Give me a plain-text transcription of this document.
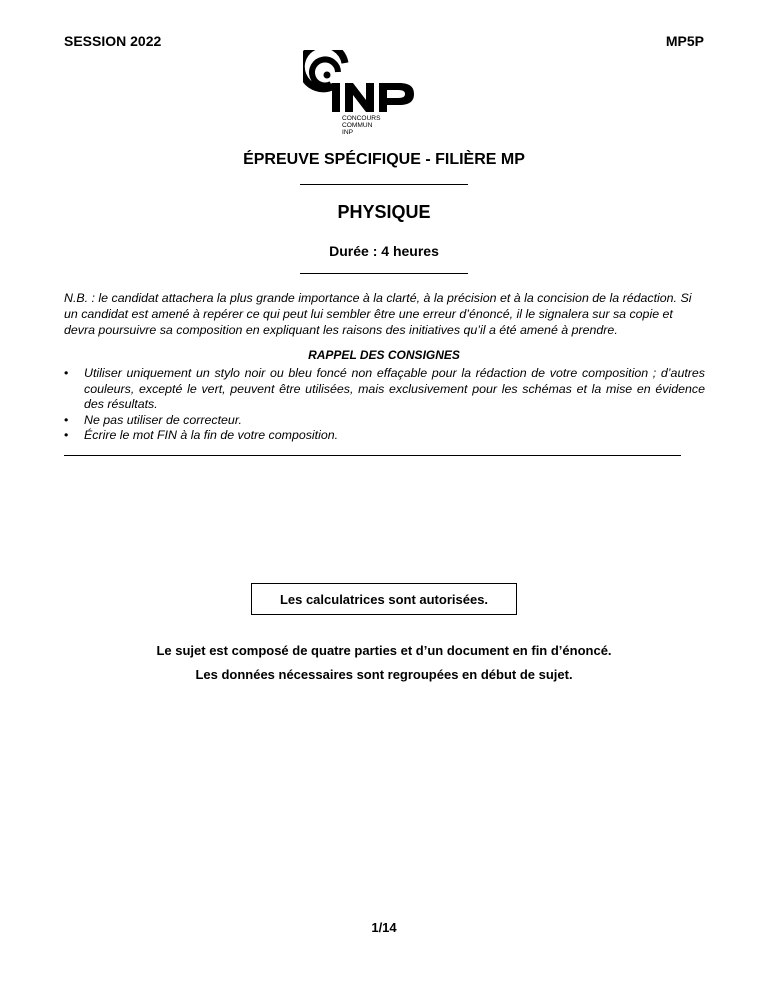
SESSION 2022	MP5P
CONCOURS
COMMUN
INP
ÉPREUVE SPÉCIFIQUE - FILIÈRE MP
PHYSIQUE
Durée : 4 heures
N.B. : le candidat attachera la plus grande importance à la clarté, à la précision et à la concision de la rédaction. Si un candidat est amené à repérer ce qui peut lui sembler être une erreur d’énoncé, il le signalera sur sa copie et devra poursuivre sa composition en expliquant les raisons des initiatives qu’il a été amené à prendre.
RAPPEL DES CONSIGNES
• Utiliser uniquement un stylo noir ou bleu foncé non effaçable pour la rédaction de votre composition ; d’autres couleurs, excepté le vert, peuvent être utilisées, mais exclusivement pour les schémas et la mise en évidence des résultats.
• Ne pas utiliser de correcteur.
• Écrire le mot FIN à la fin de votre composition.
Les calculatrices sont autorisées.
Le sujet est composé de quatre parties et d’un document en fin d’énoncé.
Les données nécessaires sont regroupées en début de sujet.
1/14
